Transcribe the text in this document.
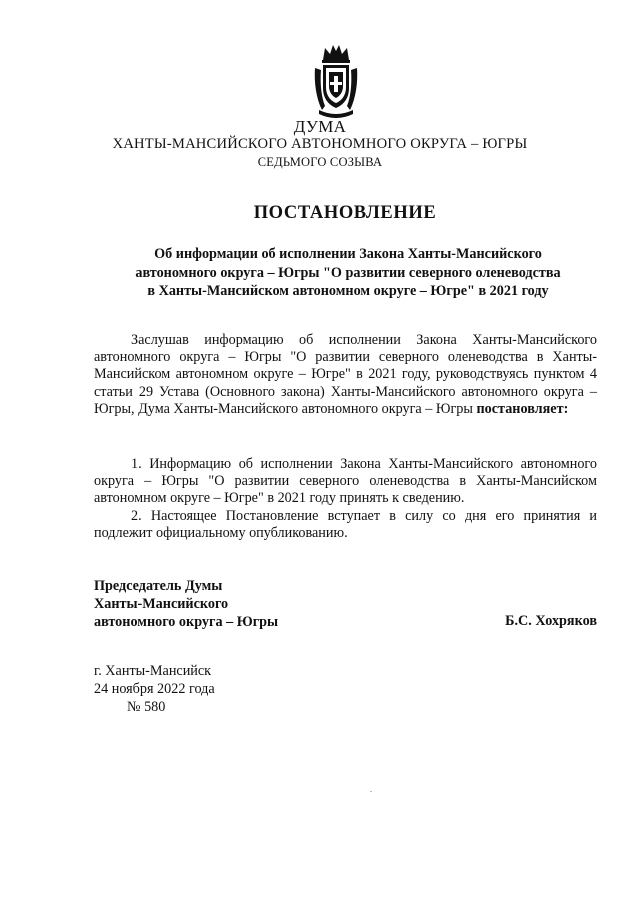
ДУМА
ХАНТЫ-МАНСИЙСКОГО АВТОНОМНОГО ОКРУГА – ЮГРЫ
СЕДЬМОГО СОЗЫВА
ПОСТАНОВЛЕНИЕ
Об информации об исполнении Закона Ханты-Мансийского
автономного округа – Югры "О развитии северного оленеводства
в Ханты-Мансийском автономном округе – Югре" в 2021 году

Заслушав информацию об исполнении Закона Ханты-Мансийского автономного округа – Югры "О развитии северного оленеводства в Ханты-Мансийском автономном округе – Югре" в 2021 году, руководствуясь пунктом 4 статьи 29 Устава (Основного закона) Ханты-Мансийского автономного округа – Югры, Дума Ханты-Мансийского автономного округа – Югры постановляет:

1. Информацию об исполнении Закона Ханты-Мансийского автономного округа – Югры "О развитии северного оленеводства в Ханты-Мансийском автономном округе – Югре" в 2021 году принять к сведению.

2. Настоящее Постановление вступает в силу со дня его принятия и подлежит официальному опубликованию.

Председатель Думы
Ханты-Мансийского
автономного округа – Югры	Б.С. Хохряков
г. Ханты-Мансийск
24 ноября 2022 года
№ 580
